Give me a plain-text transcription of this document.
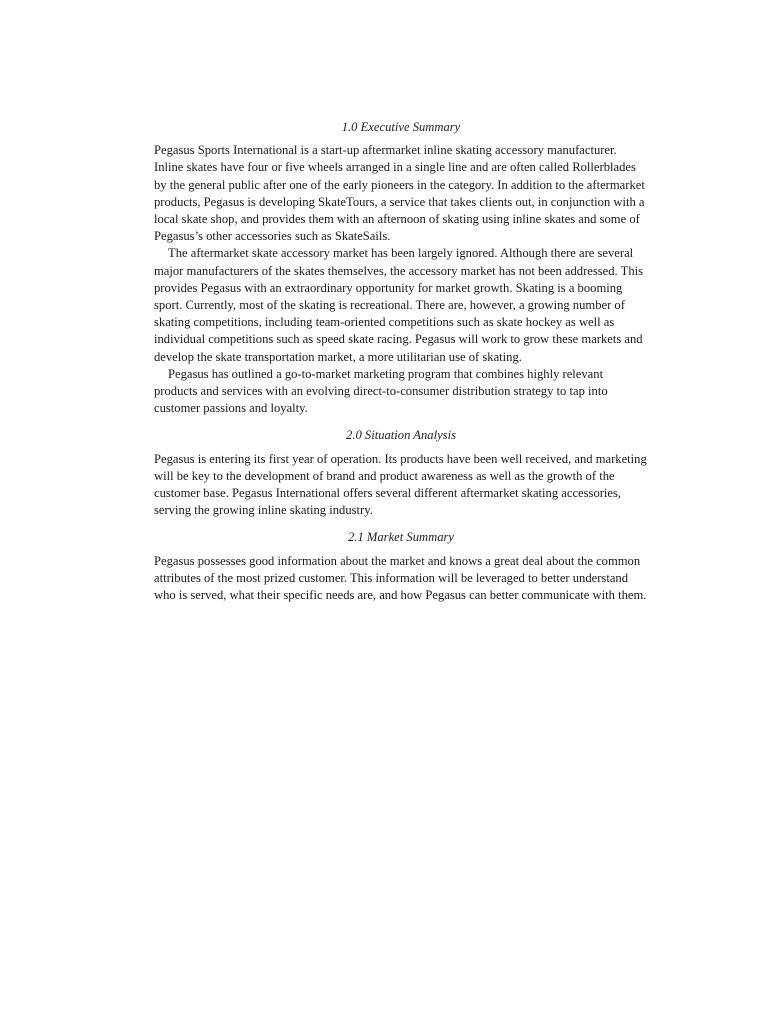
1.0 Executive Summary

Pegasus Sports International is a start-up aftermarket inline skating accessory manufacturer. Inline skates have four or five wheels arranged in a single line and are often called Rollerblades by the general public after one of the early pioneers in the category. In addition to the aftermarket products, Pegasus is developing SkateTours, a service that takes clients out, in conjunction with a local skate shop, and provides them with an afternoon of skating using inline skates and some of Pegasus’s other accessories such as SkateSails.

The aftermarket skate accessory market has been largely ignored. Although there are several major manufacturers of the skates themselves, the accessory market has not been addressed. This provides Pegasus with an extraordinary opportunity for market growth. Skating is a booming sport. Currently, most of the skating is recreational. There are, however, a growing number of skating competitions, including team-oriented competitions such as skate hockey as well as individual competitions such as speed skate racing. Pegasus will work to grow these markets and develop the skate transportation market, a more utilitarian use of skating.

Pegasus has outlined a go-to-market marketing program that combines highly relevant products and services with an evolving direct-to-consumer distribution strategy to tap into customer passions and loyalty.

2.0 Situation Analysis

Pegasus is entering its first year of operation. Its products have been well received, and marketing will be key to the development of brand and product awareness as well as the growth of the customer base. Pegasus International offers several different aftermarket skating accessories, serving the growing inline skating industry.

2.1 Market Summary

Pegasus possesses good information about the market and knows a great deal about the common attributes of the most prized customer. This information will be leveraged to better understand who is served, what their specific needs are, and how Pegasus can better communicate with them.
